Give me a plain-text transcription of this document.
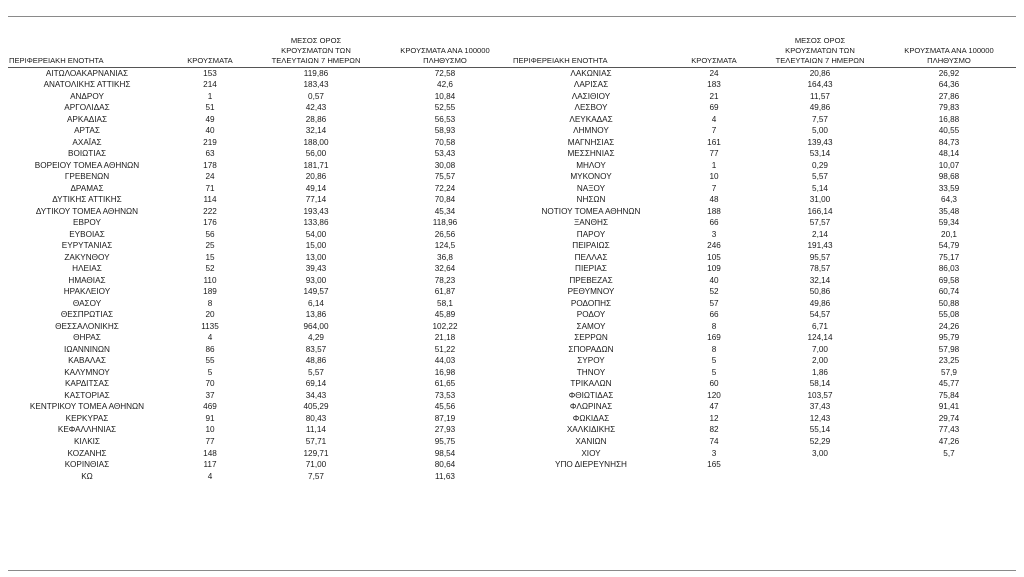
ΠΕΡΙΦΕΡΕΙΑΚΗ ΕΝΟΤΗΤΑ	ΚΡΟΥΣΜΑΤΑ	ΜΕΣΟΣ ΟΡΟΣ
ΚΡΟΥΣΜΑΤΩΝ ΤΩΝ
ΤΕΛΕΥΤΑΙΩΝ 7 ΗΜΕΡΩΝ	ΚΡΟΥΣΜΑΤΑ ΑΝΑ 100000
ΠΛΗΘΥΣΜΟ
ΑΙΤΩΛΟΑΚΑΡΝΑΝΙΑΣ	153	119,86	72,58
ΑΝΑΤΟΛΙΚΗΣ ΑΤΤΙΚΗΣ	214	183,43	42,6
ΑΝΔΡΟΥ	1	0,57	10,84
ΑΡΓΟΛΙΔΑΣ	51	42,43	52,55
ΑΡΚΑΔΙΑΣ	49	28,86	56,53
ΑΡΤΑΣ	40	32,14	58,93
ΑΧΑΪΑΣ	219	188,00	70,58
ΒΟΙΩΤΙΑΣ	63	56,00	53,43
ΒΟΡΕΙΟΥ ΤΟΜΕΑ ΑΘΗΝΩΝ	178	181,71	30,08
ΓΡΕΒΕΝΩΝ	24	20,86	75,57
ΔΡΑΜΑΣ	71	49,14	72,24
ΔΥΤΙΚΗΣ ΑΤΤΙΚΗΣ	114	77,14	70,84
ΔΥΤΙΚΟΥ ΤΟΜΕΑ ΑΘΗΝΩΝ	222	193,43	45,34
ΕΒΡΟΥ	176	133,86	118,96
ΕΥΒΟΙΑΣ	56	54,00	26,56
ΕΥΡΥΤΑΝΙΑΣ	25	15,00	124,5
ΖΑΚΥΝΘΟΥ	15	13,00	36,8
ΗΛΕΙΑΣ	52	39,43	32,64
ΗΜΑΘΙΑΣ	110	93,00	78,23
ΗΡΑΚΛΕΙΟΥ	189	149,57	61,87
ΘΑΣΟΥ	8	6,14	58,1
ΘΕΣΠΡΩΤΙΑΣ	20	13,86	45,89
ΘΕΣΣΑΛΟΝΙΚΗΣ	1135	964,00	102,22
ΘΗΡΑΣ	4	4,29	21,18
ΙΩΑΝΝΙΝΩΝ	86	83,57	51,22
ΚΑΒΑΛΑΣ	55	48,86	44,03
ΚΑΛΥΜΝΟΥ	5	5,57	16,98
ΚΑΡΔΙΤΣΑΣ	70	69,14	61,65
ΚΑΣΤΟΡΙΑΣ	37	34,43	73,53
ΚΕΝΤΡΙΚΟΥ ΤΟΜΕΑ ΑΘΗΝΩΝ	469	405,29	45,56
ΚΕΡΚΥΡΑΣ	91	80,43	87,19
ΚΕΦΑΛΛΗΝΙΑΣ	10	11,14	27,93
ΚΙΛΚΙΣ	77	57,71	95,75
ΚΟΖΑΝΗΣ	148	129,71	98,54
ΚΟΡΙΝΘΙΑΣ	117	71,00	80,64
ΚΩ	4	7,57	11,63
ΠΕΡΙΦΕΡΕΙΑΚΗ ΕΝΟΤΗΤΑ	ΚΡΟΥΣΜΑΤΑ	ΜΕΣΟΣ ΟΡΟΣ
ΚΡΟΥΣΜΑΤΩΝ ΤΩΝ
ΤΕΛΕΥΤΑΙΩΝ 7 ΗΜΕΡΩΝ	ΚΡΟΥΣΜΑΤΑ ΑΝΑ 100000
ΠΛΗΘΥΣΜΟ
ΛΑΚΩΝΙΑΣ	24	20,86	26,92
ΛΑΡΙΣΑΣ	183	164,43	64,36
ΛΑΣΙΘΙΟΥ	21	11,57	27,86
ΛΕΣΒΟΥ	69	49,86	79,83
ΛΕΥΚΑΔΑΣ	4	7,57	16,88
ΛΗΜΝΟΥ	7	5,00	40,55
ΜΑΓΝΗΣΙΑΣ	161	139,43	84,73
ΜΕΣΣΗΝΙΑΣ	77	53,14	48,14
ΜΗΛΟΥ	1	0,29	10,07
ΜΥΚΟΝΟΥ	10	5,57	98,68
ΝΑΞΟΥ	7	5,14	33,59
ΝΗΣΩΝ	48	31,00	64,3
ΝΟΤΙΟΥ ΤΟΜΕΑ ΑΘΗΝΩΝ	188	166,14	35,48
ΞΑΝΘΗΣ	66	57,57	59,34
ΠΑΡΟΥ	3	2,14	20,1
ΠΕΙΡΑΙΩΣ	246	191,43	54,79
ΠΕΛΛΑΣ	105	95,57	75,17
ΠΙΕΡΙΑΣ	109	78,57	86,03
ΠΡΕΒΕΖΑΣ	40	32,14	69,58
ΡΕΘΥΜΝΟΥ	52	50,86	60,74
ΡΟΔΟΠΗΣ	57	49,86	50,88
ΡΟΔΟΥ	66	54,57	55,08
ΣΑΜΟΥ	8	6,71	24,26
ΣΕΡΡΩΝ	169	124,14	95,79
ΣΠΟΡΑΔΩΝ	8	7,00	57,98
ΣΥΡΟΥ	5	2,00	23,25
ΤΗΝΟΥ	5	1,86	57,9
ΤΡΙΚΑΛΩΝ	60	58,14	45,77
ΦΘΙΩΤΙΔΑΣ	120	103,57	75,84
ΦΛΩΡΙΝΑΣ	47	37,43	91,41
ΦΩΚΙΔΑΣ	12	12,43	29,74
ΧΑΛΚΙΔΙΚΗΣ	82	55,14	77,43
ΧΑΝΙΩΝ	74	52,29	47,26
ΧΙΟΥ	3	3,00	5,7
ΥΠΟ ΔΙΕΡΕΥΝΗΣΗ	165		
